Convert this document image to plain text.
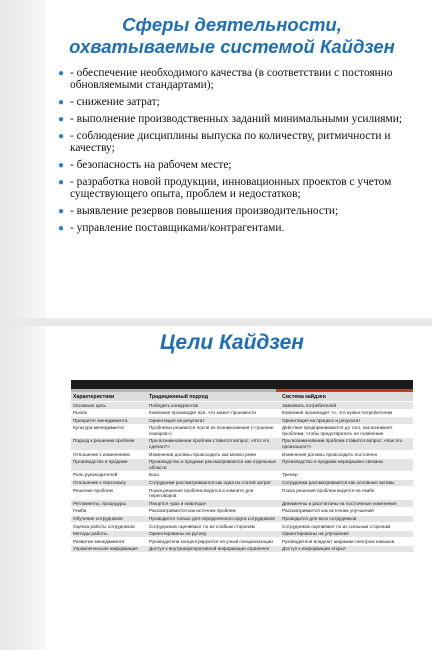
Сферы деятельности,
охватываемые системой Кайдзен
● - обеспечение необходимого качества (в соответствии с постоянно обновляемыми стандартами);
● - снижение затрат;
● - выполнение производственных заданий минимальными усилиями;
● - соблюдение дисциплины выпуска по количеству, ритмичности и качеству;
● - безопасность на рабочем месте;
● - разработка новой продукции, инновационных проектов с учетом существующего опыта, проблем и недостатков;
● - выявление резервов повышения производительности;
● - управление поставщиками/контрагентами.
Цели Кайдзен
Характеристики	Традиционный подход	Система кайдзен
Основная цель	Победить конкурентов	Завоевать потребителей
Рынок	Компания производит все, что может произвести	Компания производит то, что нужно потребителям
Приоритет менеджмента	Ориентация на результат	Ориентация на процесс и результат
Культура менеджмента	Проблемы решаются после их возникновения («тушение пожаров»)	Действия предпринимаются до того, как возникнет проблема, чтобы предотвратить ее появление
Подход к решению проблем	При возникновении проблем ставится вопрос: «Кто это сделал?»	При возникновении проблем ставится вопрос: «Как это произошло?»
Отношение к изменениям	Изменения должны происходить как можно реже	Изменения должны происходить постоянно
Производство и продажи	Производство и продажи рассматриваются как отдельные области	Производство и продажи неразрывно связаны
Роль руководителей	Босс	Тренер
Отношение к персоналу	Сотрудники рассматриваются как одна из статей затрат	Сотрудники рассматриваются как основные активы
Решение проблем	Поиск решения проблем ведется в комнате для переговоров	Поиск решения проблем ведется на гембе
Регламенты, процедуры	Пишутся «раз и навсегда»	Динамичны и рассчитаны на постоянные изменения
Гемба	Рассматривается как источник проблем	Рассматривается как источник улучшений
Обучение сотрудников	Проводится только для определенного круга сотрудников	Проводится для всех сотрудников
Оценка работы сотрудников	Сотрудников оценивают по их слабым сторонам	Сотрудников оценивают по их сильным сторонам
Методы работы	Ориентированы на рутину	Ориентированы на улучшения
Развитие менеджмента	Руководители концентрируются на узкой специализации	Руководители владеют широким спектром навыков
Управленческая информация	Доступ к внутрикорпоративной информации ограничен	Доступ к информации открыт
